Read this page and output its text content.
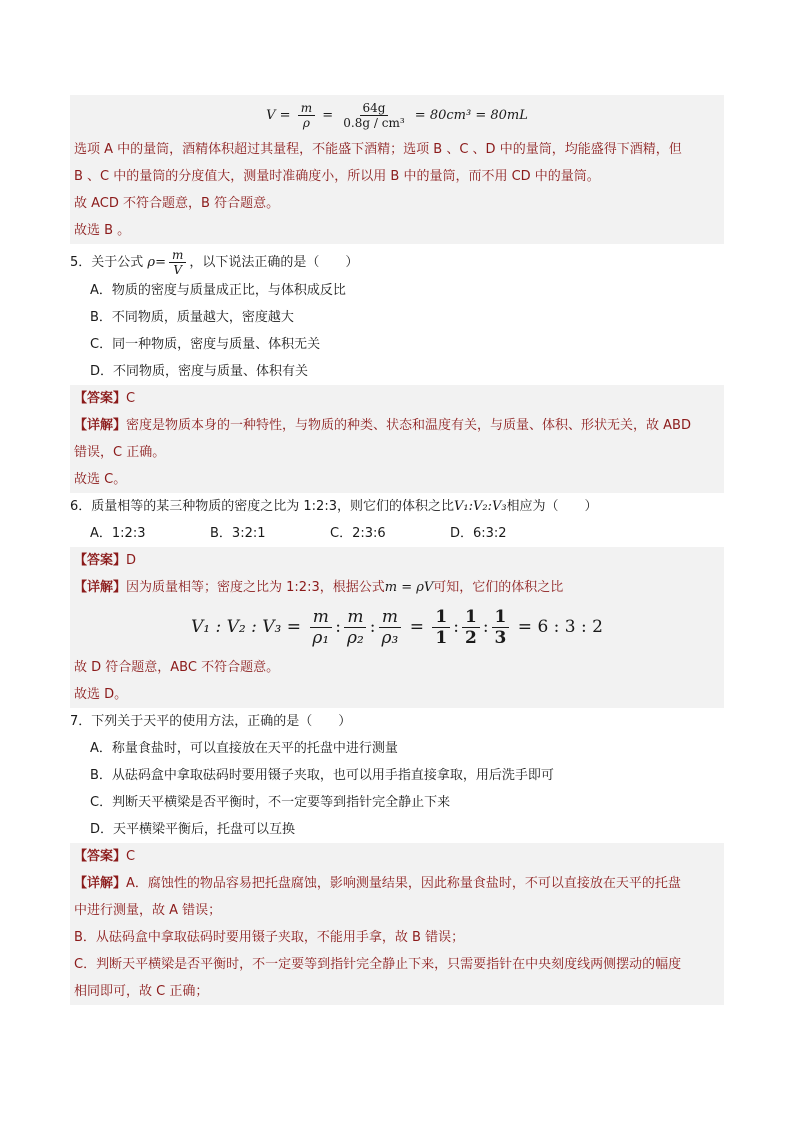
$V = \frac{m}{\rho} = \frac{64g}{\text{0.8g / cm³}} = 80cm^3 = 80mL$
选项 A 中的量筒，酒精体积超过其量程，不能盛下酒精；选项 B 、C 、D 中的量筒，均能盛得下酒精，但
B 、C 中的量筒的分度值大，测量时准确度小，所以用 B 中的量筒，而不用 CD 中的量筒。
故 ACD 不符合题意，B 符合题意。
故选 B 。
5．关于公式 $\rho= \frac{m}{V}$ ，以下说法正确的是（　　）
A．物质的密度与质量成正比，与体积成反比
B．不同物质，质量越大，密度越大
C．同一种物质，密度与质量、体积无关
D．不同物质，密度与质量、体积有关
【答案】C
【详解】密度是物质本身的一种特性，与物质的种类、状态和温度有关，与质量、体积、形状无关，故 ABD
错误，C 正确。
故选 C。
6．质量相等的某三种物质的密度之比为 1:2:3，则它们的体积之比V₁:V₂:V₃相应为（　　）
A．1:2:3	B．3:2:1	C．2:3:6	D．6:3:2
【答案】D
【详解】因为质量相等；密度之比为 1:2:3，根据公式m = ρV可知，它们的体积之比
V₁ : V₂ : $V_3 = \frac{m}{\text{ρ₁}}$ : $\frac{m}{\text{ρ₂}}$ : $\frac{m}{\text{ρ₃}} = \frac{1}{1}$ : $\frac{1}{2}$ : $\frac{1}{3} = 6$ : 3 : 2
故 D 符合题意，ABC 不符合题意。
故选 D。
7．下列关于天平的使用方法，正确的是（　　）
A．称量食盐时，可以直接放在天平的托盘中进行测量
B．从砝码盒中拿取砝码时要用镊子夹取，也可以用手指直接拿取，用后洗手即可
C．判断天平横梁是否平衡时，不一定要等到指针完全静止下来
D．天平横梁平衡后，托盘可以互换
【答案】C
【详解】A．腐蚀性的物品容易把托盘腐蚀，影响测量结果，因此称量食盐时，不可以直接放在天平的托盘
中进行测量，故 A 错误；
B．从砝码盒中拿取砝码时要用镊子夹取，不能用手拿，故 B 错误；
C．判断天平横梁是否平衡时，不一定要等到指针完全静止下来，只需要指针在中央刻度线两侧摆动的幅度
相同即可，故 C 正确；
